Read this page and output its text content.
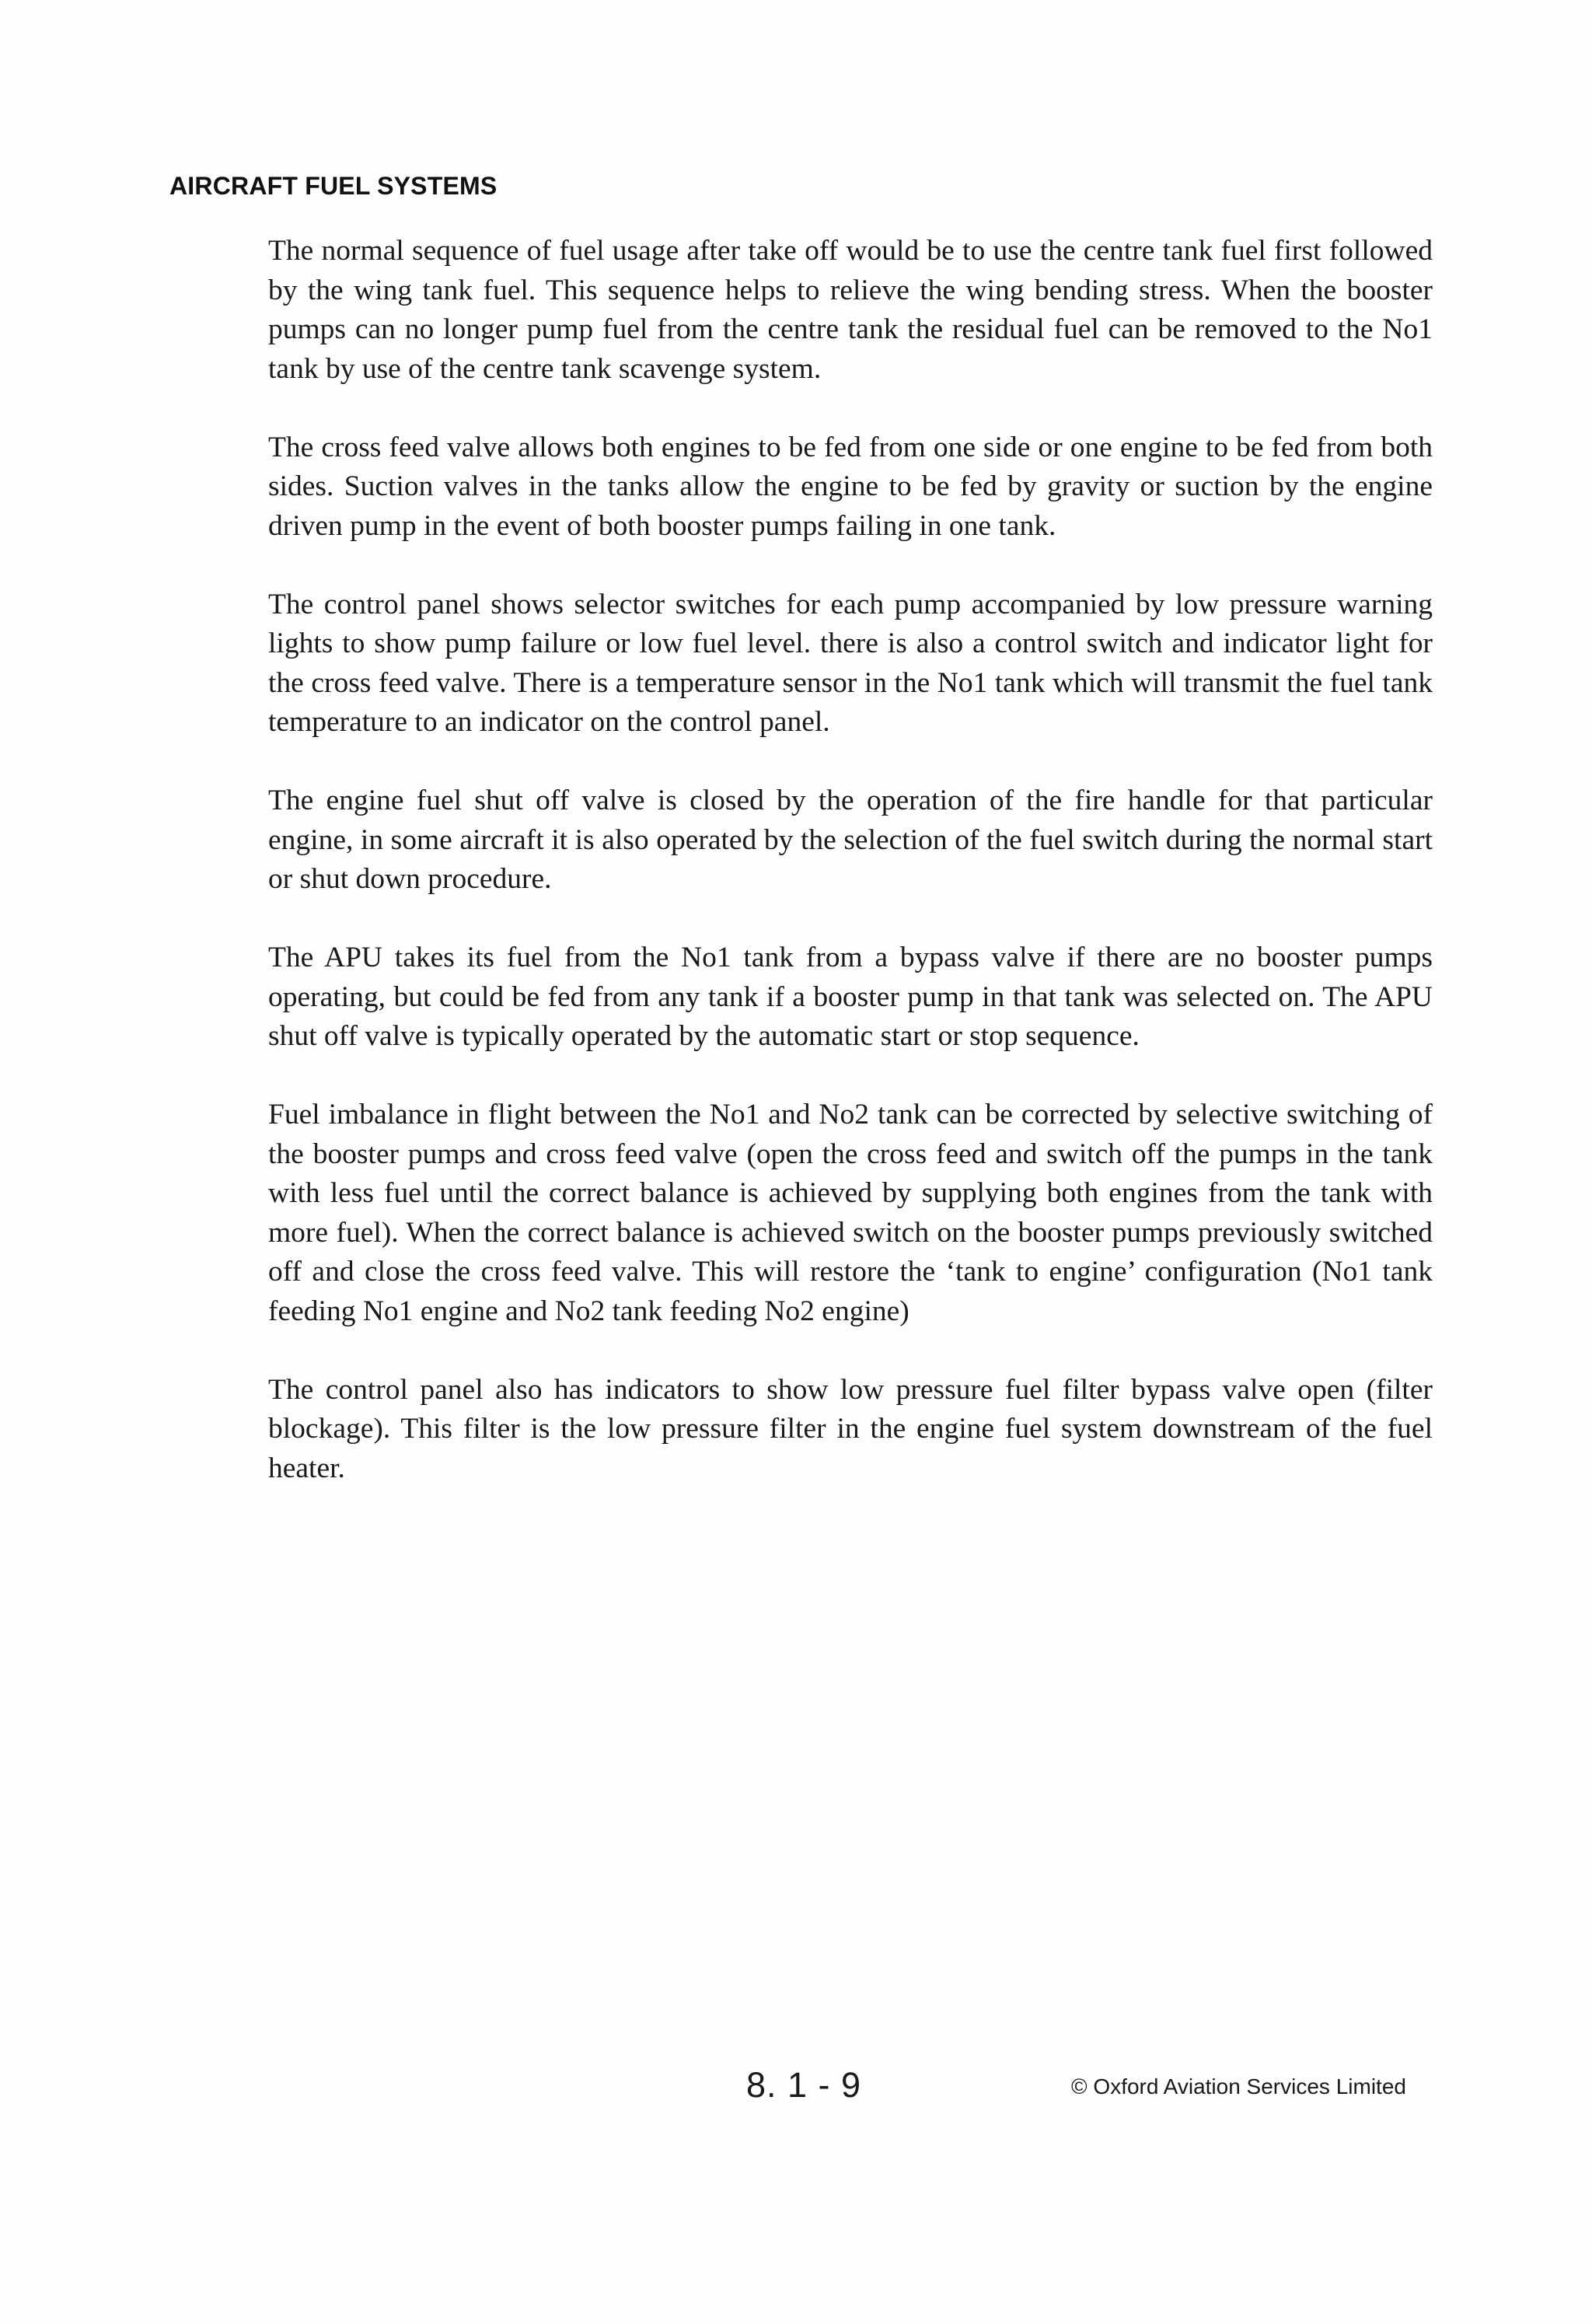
AIRCRAFT FUEL SYSTEMS

The normal sequence of fuel usage after take off would be to use the centre tank fuel first followed by the wing tank fuel. This sequence helps to relieve the wing bending stress. When the booster pumps can no longer pump fuel from the centre tank the residual fuel can be removed to the No1 tank by use of the centre tank scavenge system.

The cross feed valve allows both engines to be fed from one side or one engine to be fed from both sides. Suction valves in the tanks allow the engine to be fed by gravity or suction by the engine driven pump in the event of both booster pumps failing in one tank.

The control panel shows selector switches for each pump accompanied by low pressure warning lights to show pump failure or low fuel level. there is also a control switch and indicator light for the cross feed valve. There is a temperature sensor in the No1 tank which will transmit the fuel tank temperature to an indicator on the control panel.

The engine fuel shut off valve is closed by the operation of the fire handle for that particular engine, in some aircraft it is also operated by the selection of the fuel switch during the normal start or shut down procedure.

The APU takes its fuel from the No1 tank from a bypass valve if there are no booster pumps operating, but could be fed from any tank if a booster pump in that tank was selected on. The APU shut off valve is typically operated by the automatic start or stop sequence.

Fuel imbalance in flight between the No1 and No2 tank can be corrected by selective switching of the booster pumps and cross feed valve (open the cross feed and switch off the pumps in the tank with less fuel until the correct balance is achieved by supplying both engines from the tank with more fuel). When the correct balance is achieved switch on the booster pumps previously switched off and close the cross feed valve. This will restore the ‘tank to engine’ configuration (No1 tank feeding No1 engine and No2 tank feeding No2 engine)

The control panel also has indicators to show low pressure fuel filter bypass valve open (filter blockage). This filter is the low pressure filter in the engine fuel system downstream of the fuel heater.

8. 1 - 9	© Oxford Aviation Services Limited
